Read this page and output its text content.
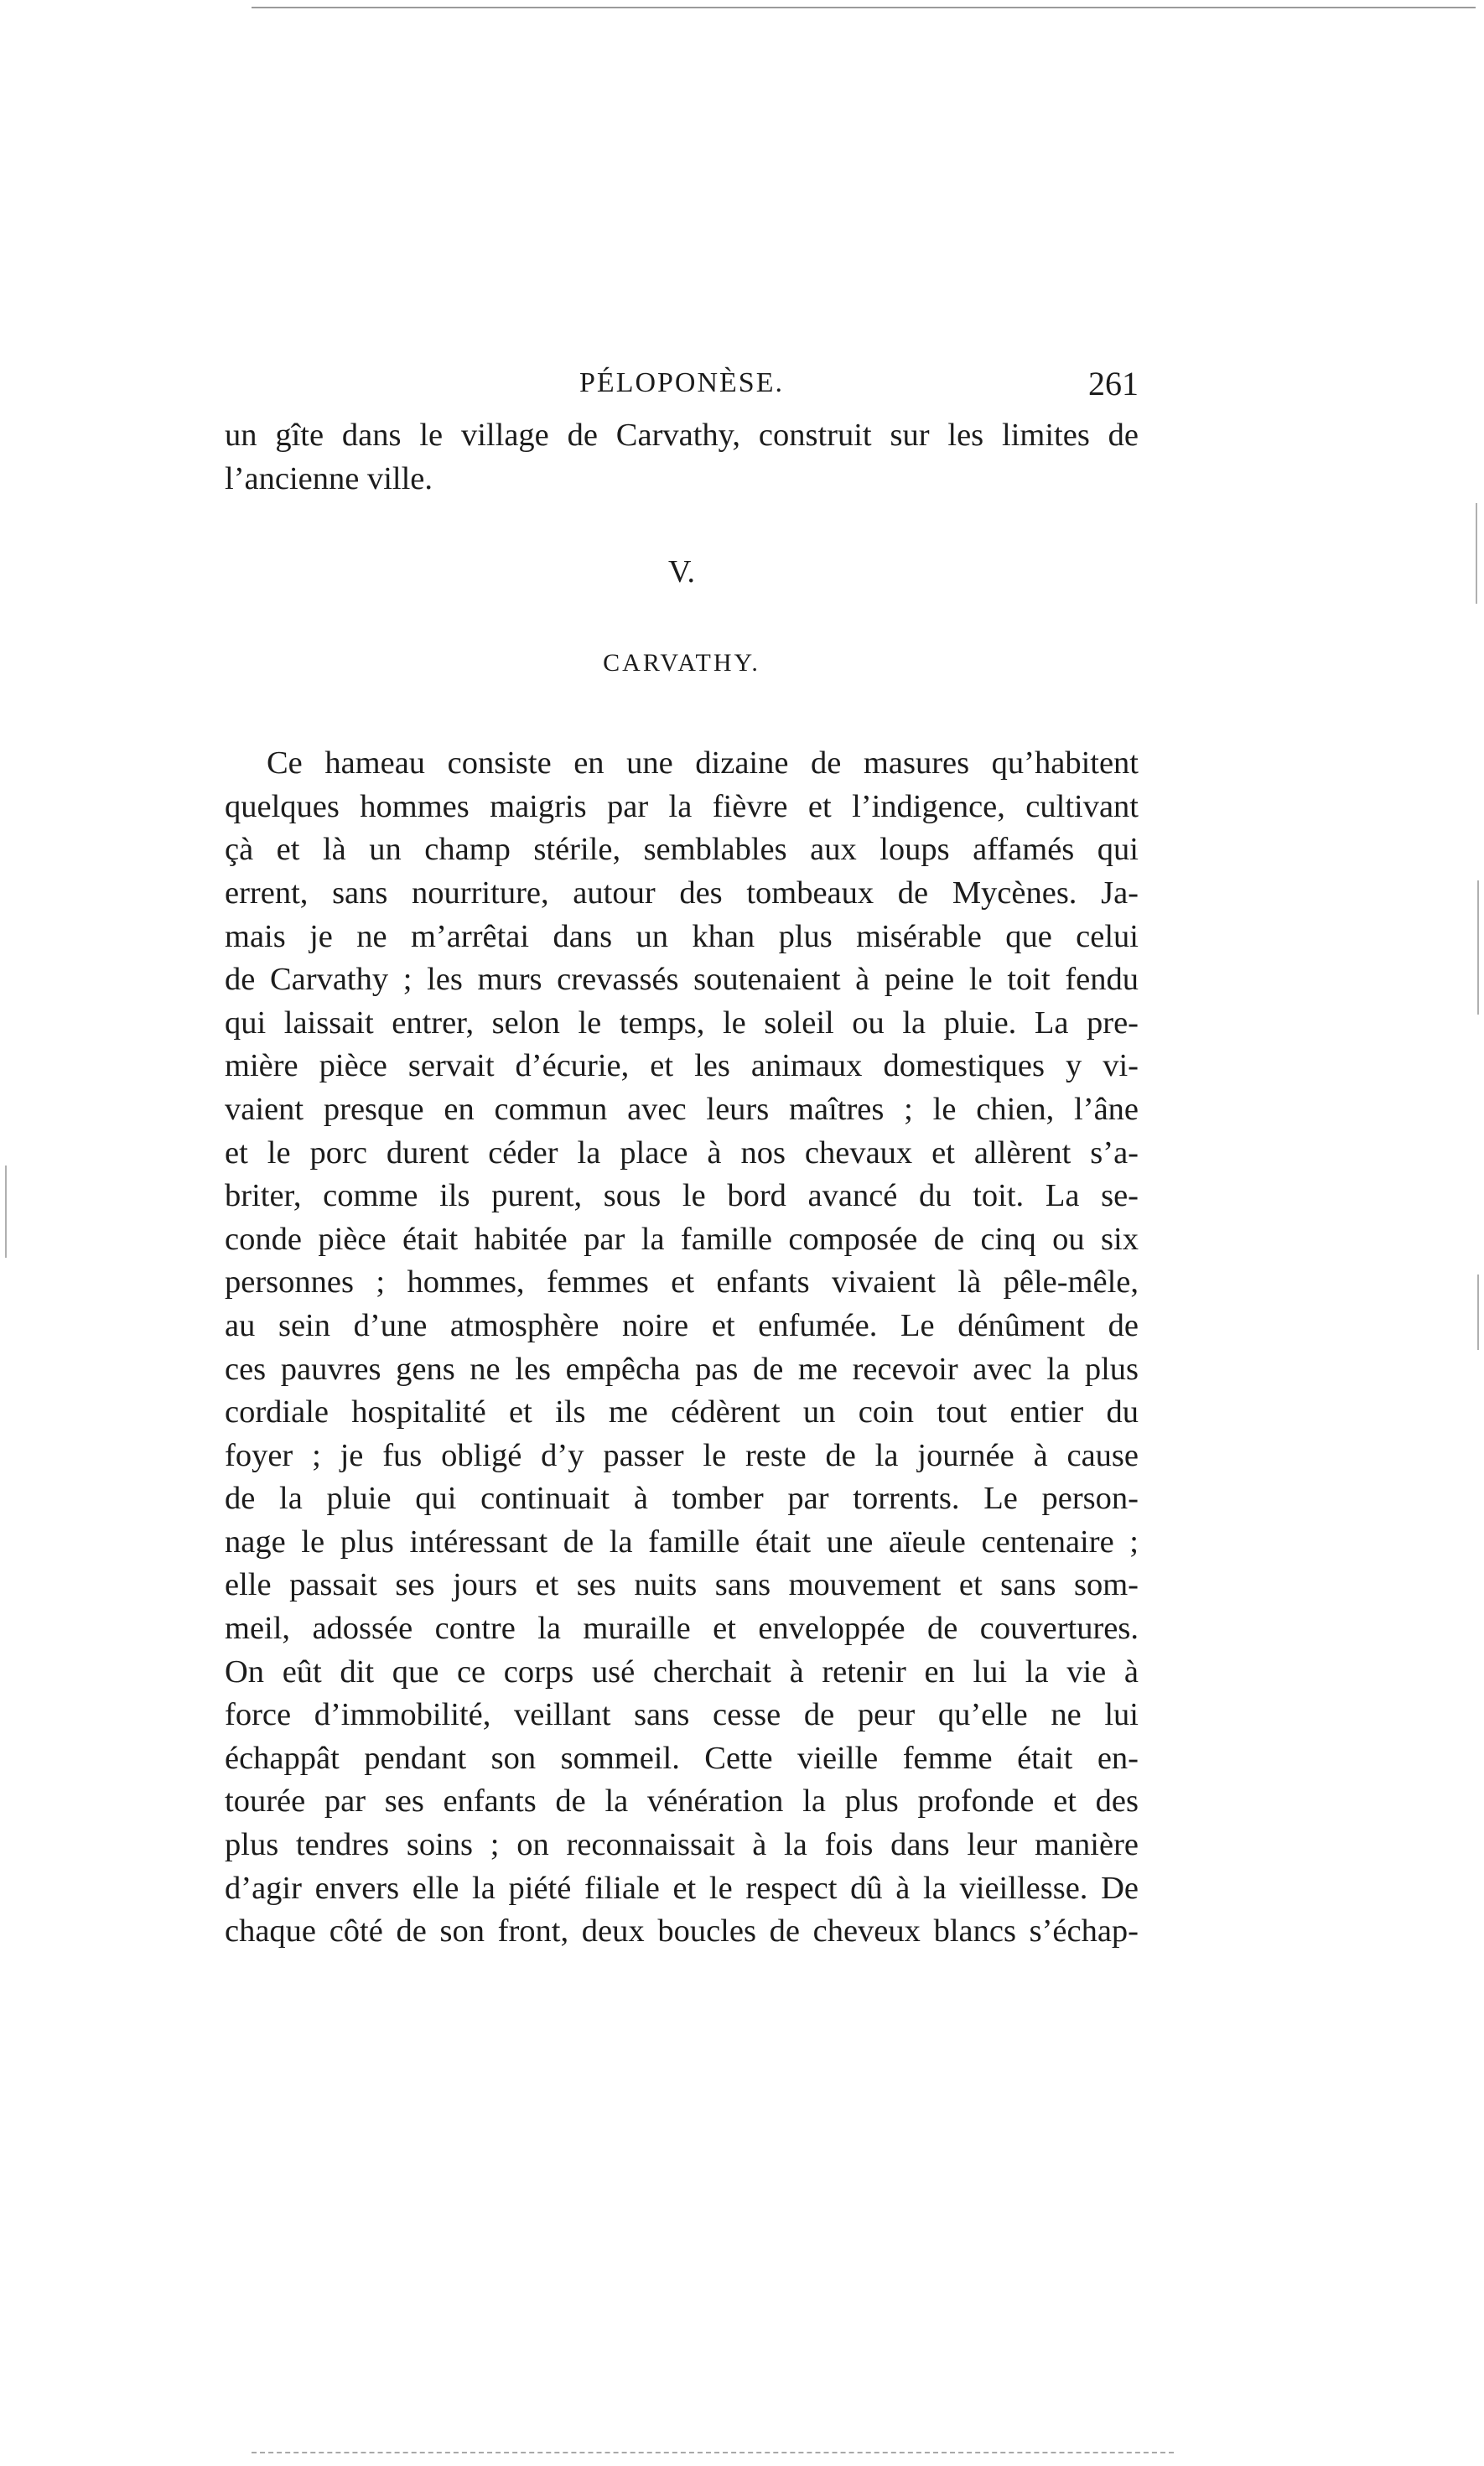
PÉLOPONÈSE.	261
un gîte dans le village de Carvathy, construit sur les limites de
l’ancienne ville.
V.
CARVATHY.
Ce hameau consiste en une dizaine de masures qu’habitent
quelques hommes maigris par la fièvre et l’indigence, cultivant
çà et là un champ stérile, semblables aux loups affamés qui
errent, sans nourriture, autour des tombeaux de Mycènes. Ja-
mais je ne m’arrêtai dans un khan plus misérable que celui
de Carvathy ; les murs crevassés soutenaient à peine le toit fendu
qui laissait entrer, selon le temps, le soleil ou la pluie. La pre-
mière pièce servait d’écurie, et les animaux domestiques y vi-
vaient presque en commun avec leurs maîtres ; le chien, l’âne
et le porc durent céder la place à nos chevaux et allèrent s’a-
briter, comme ils purent, sous le bord avancé du toit. La se-
conde pièce était habitée par la famille composée de cinq ou six
personnes ; hommes, femmes et enfants vivaient là pêle-mêle,
au sein d’une atmosphère noire et enfumée. Le dénûment de
ces pauvres gens ne les empêcha pas de me recevoir avec la plus
cordiale hospitalité et ils me cédèrent un coin tout entier du
foyer ; je fus obligé d’y passer le reste de la journée à cause
de la pluie qui continuait à tomber par torrents. Le person-
nage le plus intéressant de la famille était une aïeule centenaire ;
elle passait ses jours et ses nuits sans mouvement et sans som-
meil, adossée contre la muraille et enveloppée de couvertures.
On eût dit que ce corps usé cherchait à retenir en lui la vie à
force d’immobilité, veillant sans cesse de peur qu’elle ne lui
échappât pendant son sommeil. Cette vieille femme était en-
tourée par ses enfants de la vénération la plus profonde et des
plus tendres soins ; on reconnaissait à la fois dans leur manière
d’agir envers elle la piété filiale et le respect dû à la vieillesse. De
chaque côté de son front, deux boucles de cheveux blancs s’échap-
